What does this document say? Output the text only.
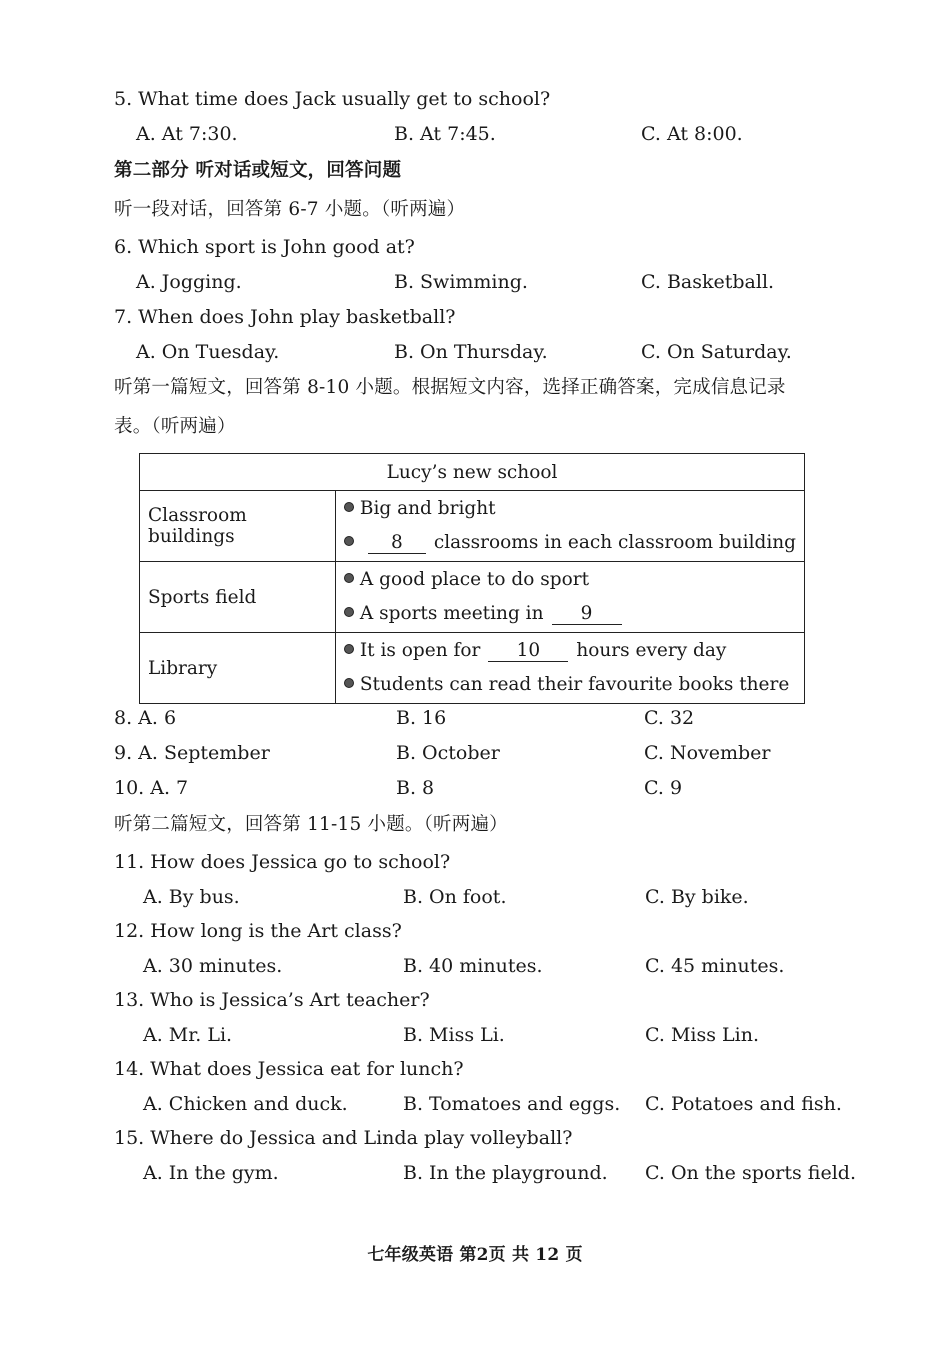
5. What time does Jack usually get to school?
A. At 7:30.	B. At 7:45.	C. At 8:00.
第二部分 听对话或短文，回答问题
听一段对话，回答第 6-7 小题。（听两遍）
6. Which sport is John good at?
A. Jogging.	B. Swimming.	C. Basketball.
7. When does John play basketball?
A. On Tuesday.	B. On Thursday.	C. On Saturday.
听第一篇短文，回答第 8-10 小题。根据短文内容，选择正确答案，完成信息记录
表。（听两遍）
Lucy’s new school	
Classroom buildings	Big and bright
8 classrooms in each classroom building

Sports field	A good place to do sport
A sports meeting in 9

Library	It is open for 10 hours every day
Students can read their favourite books there
8. A. 6	B. 16	C. 32
9. A. September	B. October	C. November
10. A. 7	B. 8	C. 9
听第二篇短文，回答第 11-15 小题。（听两遍）
11. How does Jessica go to school?
A. By bus.	B. On foot.	C. By bike.
12. How long is the Art class?
A. 30 minutes.	B. 40 minutes.	C. 45 minutes.
13. Who is Jessica’s Art teacher?
A. Mr. Li.	B. Miss Li.	C. Miss Lin.
14. What does Jessica eat for lunch?
A. Chicken and duck.	B. Tomatoes and eggs. C. Potatoes and fish.
15. Where do Jessica and Linda play volleyball?
A. In the gym.	B. In the playground. C. On the sports field.
七年级英语 第2页 共 12 页
